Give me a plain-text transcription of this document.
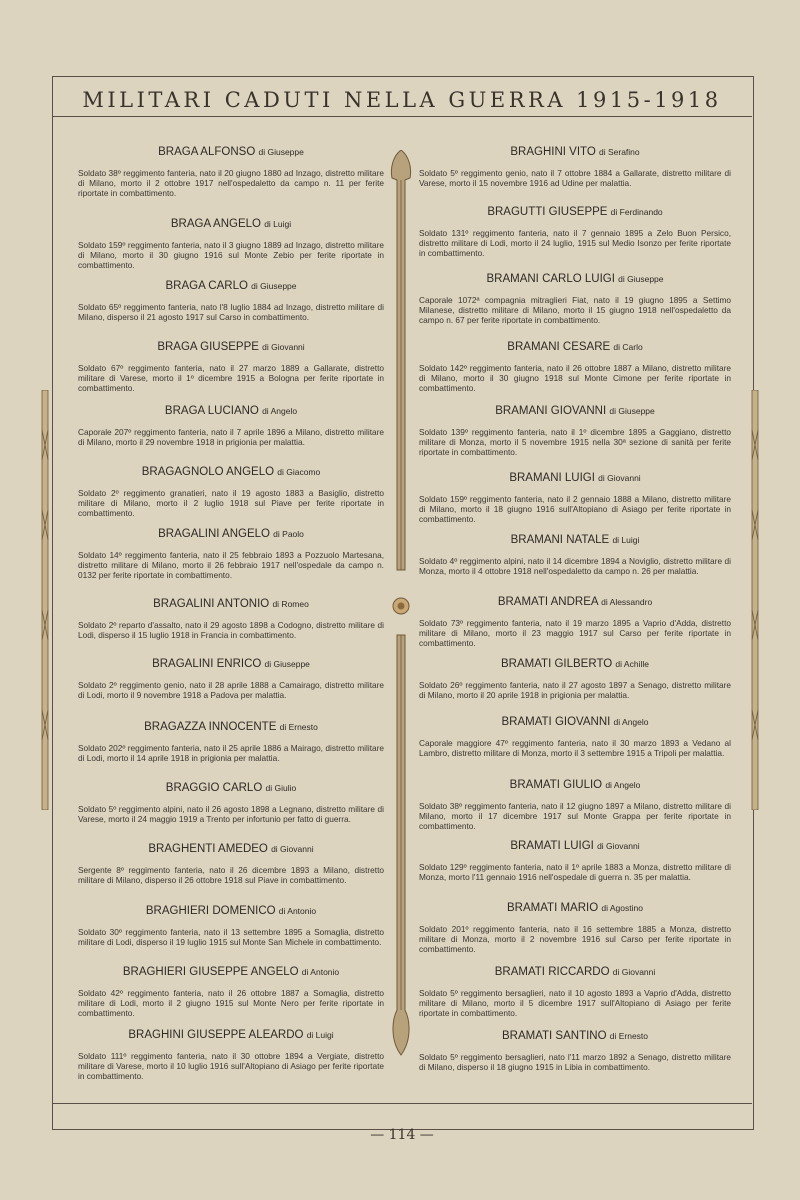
MILITARI CADUTI NELLA GUERRA 1915-1918
BRAGA ALFONSO di Giuseppe
Soldato 38º reggimento fanteria, nato il 20 giugno 1880 ad Inzago, distretto militare di Milano, morto il 2 ottobre 1917 nell'ospedaletto da campo n. 11 per ferite riportate in combattimento.
BRAGA ANGELO di Luigi
Soldato 159º reggimento fanteria, nato il 3 giugno 1889 ad Inzago, distretto militare di Milano, morto il 30 giugno 1916 sul Monte Zebio per ferite riportate in combattimento.
BRAGA CARLO di Giuseppe
Soldato 65º reggimento fanteria, nato l'8 luglio 1884 ad Inzago, distretto militare di Milano, disperso il 21 agosto 1917 sul Carso in combattimento.
BRAGA GIUSEPPE di Giovanni
Soldato 67º reggimento fanteria, nato il 27 marzo 1889 a Gallarate, distretto militare di Varese, morto il 1º dicembre 1915 a Bologna per ferite riportate in combattimento.
BRAGA LUCIANO di Angelo
Caporale 207º reggimento fanteria, nato il 7 aprile 1896 a Milano, distretto militare di Milano, morto il 29 novembre 1918 in prigionia per malattia.
BRAGAGNOLO ANGELO di Giacomo
Soldato 2º reggimento granatieri, nato il 19 agosto 1883 a Basiglio, distretto militare di Milano, morto il 2 luglio 1918 sul Piave per ferite riportate in combattimento.
BRAGALINI ANGELO di Paolo
Soldato 14º reggimento fanteria, nato il 25 febbraio 1893 a Pozzuolo Martesana, distretto militare di Milano, morto il 26 febbraio 1917 nell'ospedale da campo n. 0132 per ferite riportate in combattimento.
BRAGALINI ANTONIO di Romeo
Soldato 2º reparto d'assalto, nato il 29 agosto 1898 a Codogno, distretto militare di Lodi, disperso il 15 luglio 1918 in Francia in combattimento.
BRAGALINI ENRICO di Giuseppe
Soldato 2º reggimento genio, nato il 28 aprile 1888 a Camairago, distretto militare di Lodi, morto il 9 novembre 1918 a Padova per malattia.
BRAGAZZA INNOCENTE di Ernesto
Soldato 202º reggimento fanteria, nato il 25 aprile 1886 a Mairago, distretto militare di Lodi, morto il 14 aprile 1918 in prigionia per malattia.
BRAGGIO CARLO di Giulio
Soldato 5º reggimento alpini, nato il 26 agosto 1898 a Legnano, distretto militare di Varese, morto il 24 maggio 1919 a Trento per infortunio per fatto di guerra.
BRAGHENTI AMEDEO di Giovanni
Sergente 8º reggimento fanteria, nato il 26 dicembre 1893 a Milano, distretto militare di Milano, disperso il 26 ottobre 1918 sul Piave in combattimento.
BRAGHIERI DOMENICO di Antonio
Soldato 30º reggimento fanteria, nato il 13 settembre 1895 a Somaglia, distretto militare di Lodi, disperso il 19 luglio 1915 sul Monte San Michele in combattimento.
BRAGHIERI GIUSEPPE ANGELO di Antonio
Soldato 42º reggimento fanteria, nato il 26 ottobre 1887 a Somaglia, distretto militare di Lodi, morto il 2 giugno 1915 sul Monte Nero per ferite riportate in combattimento.
BRAGHINI GIUSEPPE ALEARDO di Luigi
Soldato 111º reggimento fanteria, nato il 30 ottobre 1894 a Vergiate, distretto militare di Varese, morto il 10 luglio 1916 sull'Altopiano di Asiago per ferite riportate in combattimento.
BRAGHINI VITO di Serafino
Soldato 5º reggimento genio, nato il 7 ottobre 1884 a Gallarate, distretto militare di Varese, morto il 15 novembre 1916 ad Udine per malattia.
BRAGUTTI GIUSEPPE di Ferdinando
Soldato 131º reggimento fanteria, nato il 7 gennaio 1895 a Zelo Buon Persico, distretto militare di Lodi, morto il 24 luglio, 1915 sul Medio Isonzo per ferite riportate in combattimento.
BRAMANI CARLO LUIGI di Giuseppe
Caporale 1072ª compagnia mitraglieri Fiat, nato il 19 giugno 1895 a Settimo Milanese, distretto militare di Milano, morto il 15 giugno 1918 nell'ospedaletto da campo n. 67 per ferite riportate in combattimento.
BRAMANI CESARE di Carlo
Soldato 142º reggimento fanteria, nato il 26 ottobre 1887 a Milano, distretto militare di Milano, morto il 30 giugno 1918 sul Monte Cimone per ferite riportate in combattimento.
BRAMANI GIOVANNI di Giuseppe
Soldato 139º reggimento fanteria, nato il 1º dicembre 1895 a Gaggiano, distretto militare di Monza, morto il 5 novembre 1915 nella 30ª sezione di sanità per ferite riportate in combattimento.
BRAMANI LUIGI di Giovanni
Soldato 159º reggimento fanteria, nato il 2 gennaio 1888 a Milano, distretto militare di Milano, morto il 18 giugno 1916 sull'Altopiano di Asiago per ferite riportate in combattimento.
BRAMANI NATALE di Luigi
Soldato 4º reggimento alpini, nato il 14 dicembre 1894 a Noviglio, distretto militare di Monza, morto il 4 ottobre 1918 nell'ospedaletto da campo n. 26 per malattia.
BRAMATI ANDREA di Alessandro
Soldato 73º reggimento fanteria, nato il 19 marzo 1895 a Vaprio d'Adda, distretto militare di Milano, morto il 23 maggio 1917 sul Carso per ferite riportate in combattimento.
BRAMATI GILBERTO di Achille
Soldato 26º reggimento fanteria, nato il 27 agosto 1897 a Senago, distretto militare di Milano, morto il 20 aprile 1918 in prigionia per malattia.
BRAMATI GIOVANNI di Angelo
Caporale maggiore 47º reggimento fanteria, nato il 30 marzo 1893 a Vedano al Lambro, distretto militare di Monza, morto il 3 settembre 1915 a Tripoli per malattia.
BRAMATI GIULIO di Angelo
Soldato 38º reggimento fanteria, nato il 12 giugno 1897 a Milano, distretto militare di Milano, morto il 17 dicembre 1917 sul Monte Grappa per ferite riportate in combattimento.
BRAMATI LUIGI di Giovanni
Soldato 129º reggimento fanteria, nato il 1º aprile 1883 a Monza, distretto militare di Monza, morto l'11 gennaio 1916 nell'ospedale di guerra n. 35 per malattia.
BRAMATI MARIO di Agostino
Soldato 201º reggimento fanteria, nato il 16 settembre 1885 a Monza, distretto militare di Monza, morto il 2 novembre 1916 sul Carso per ferite riportate in combattimento.
BRAMATI RICCARDO di Giovanni
Soldato 5º reggimento bersaglieri, nato il 10 agosto 1893 a Vaprio d'Adda, distretto militare di Milano, morto il 5 dicembre 1917 sull'Altopiano di Asiago per ferite riportate in combattimento.
BRAMATI SANTINO di Ernesto
Soldato 5º reggimento bersaglieri, nato l'11 marzo 1892 a Senago, distretto militare di Milano, disperso il 18 giugno 1915 in Libia in combattimento.
— 114 —
